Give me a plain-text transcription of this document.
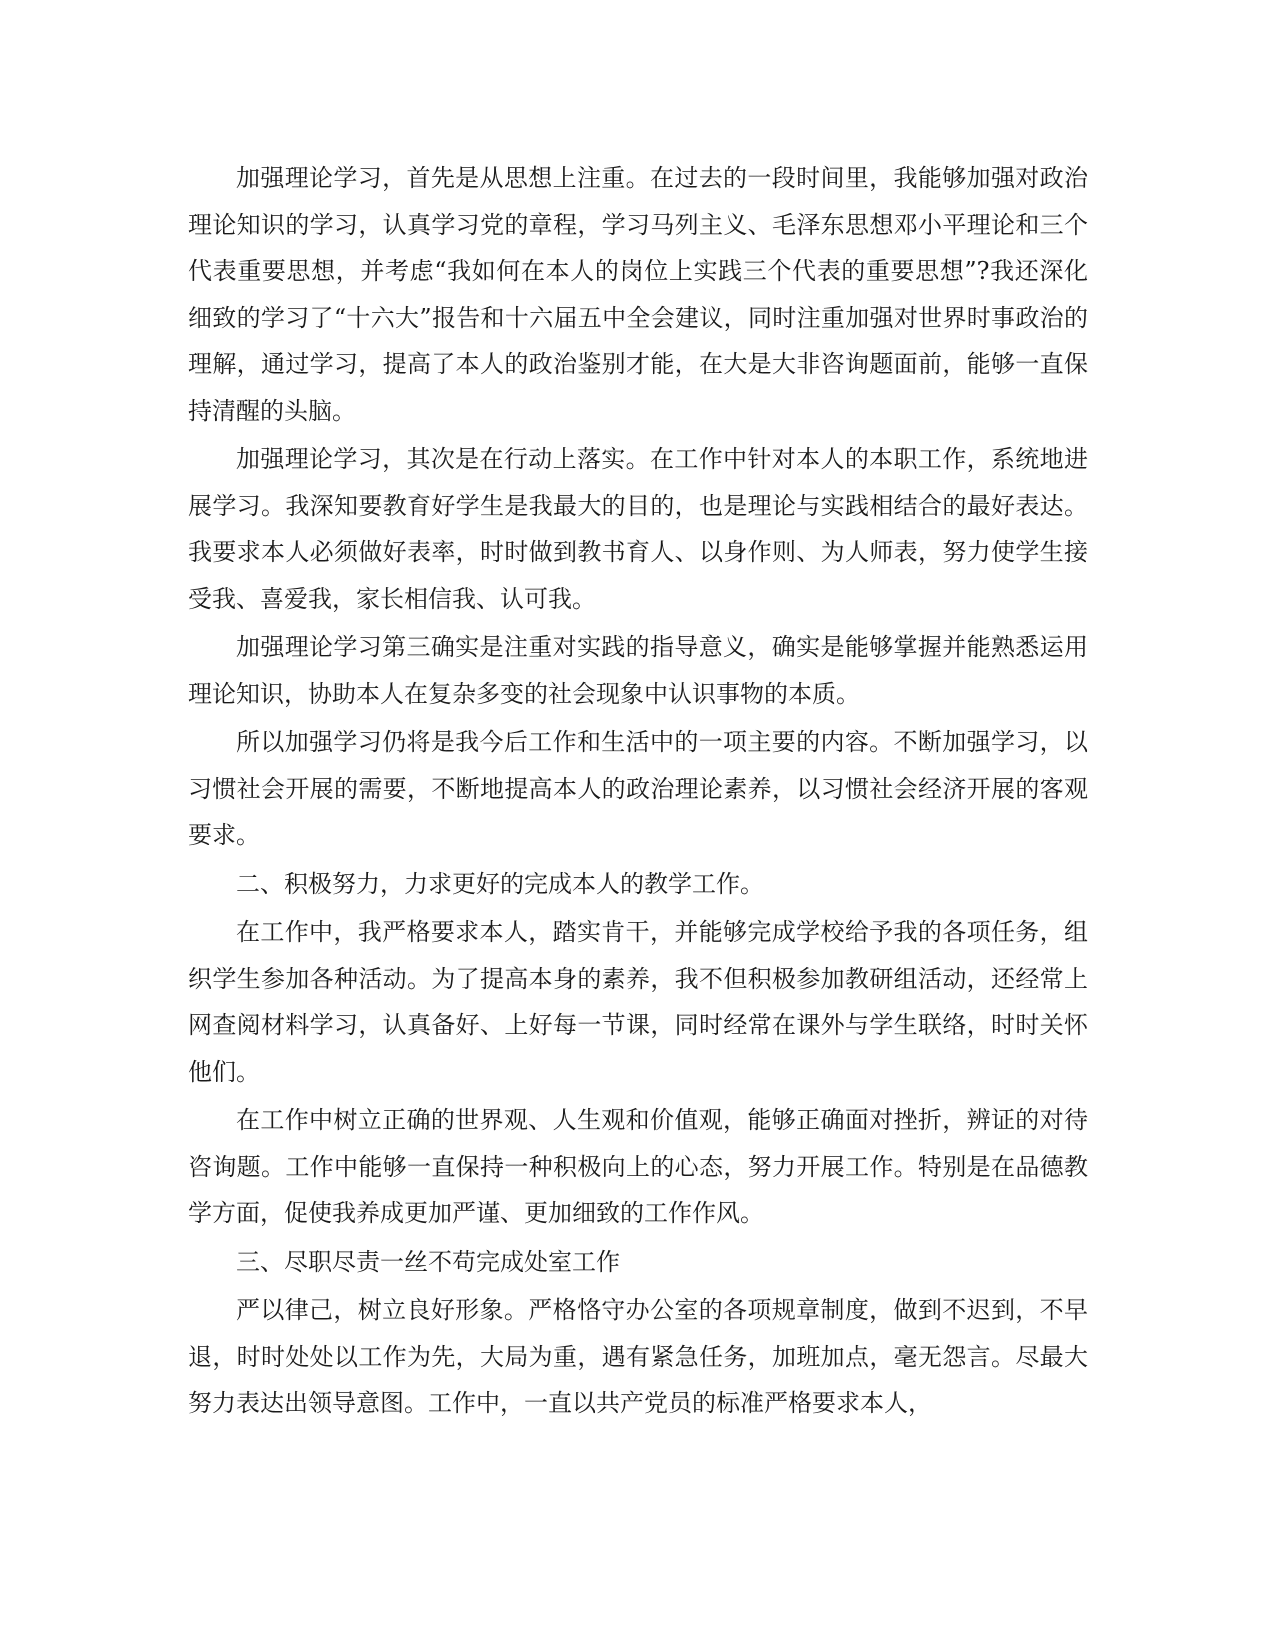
加强理论学习，首先是从思想上注重。在过去的一段时间里，我能够加强对政治理论知识的学习，认真学习党的章程，学习马列主义、毛泽东思想邓小平理论和三个代表重要思想，并考虑“我如何在本人的岗位上实践三个代表的重要思想”?我还深化细致的学习了“十六大”报告和十六届五中全会建议，同时注重加强对世界时事政治的理解，通过学习，提高了本人的政治鉴别才能，在大是大非咨询题面前，能够一直保持清醒的头脑。

加强理论学习，其次是在行动上落实。在工作中针对本人的本职工作，系统地进展学习。我深知要教育好学生是我最大的目的，也是理论与实践相结合的最好表达。我要求本人必须做好表率，时时做到教书育人、以身作则、为人师表，努力使学生接受我、喜爱我，家长相信我、认可我。

加强理论学习第三确实是注重对实践的指导意义，确实是能够掌握并能熟悉运用理论知识，协助本人在复杂多变的社会现象中认识事物的本质。

所以加强学习仍将是我今后工作和生活中的一项主要的内容。不断加强学习，以习惯社会开展的需要，不断地提高本人的政治理论素养，以习惯社会经济开展的客观要求。

二、积极努力，力求更好的完成本人的教学工作。

在工作中，我严格要求本人，踏实肯干，并能够完成学校给予我的各项任务，组织学生参加各种活动。为了提高本身的素养，我不但积极参加教研组活动，还经常上网查阅材料学习，认真备好、上好每一节课，同时经常在课外与学生联络，时时关怀他们。

在工作中树立正确的世界观、人生观和价值观，能够正确面对挫折，辨证的对待咨询题。工作中能够一直保持一种积极向上的心态，努力开展工作。特别是在品德教学方面，促使我养成更加严谨、更加细致的工作作风。

三、尽职尽责一丝不苟完成处室工作

严以律己，树立良好形象。严格恪守办公室的各项规章制度，做到不迟到，不早退，时时处处以工作为先，大局为重，遇有紧急任务，加班加点，毫无怨言。尽最大努力表达出领导意图。工作中，一直以共产党员的标准严格要求本人，
